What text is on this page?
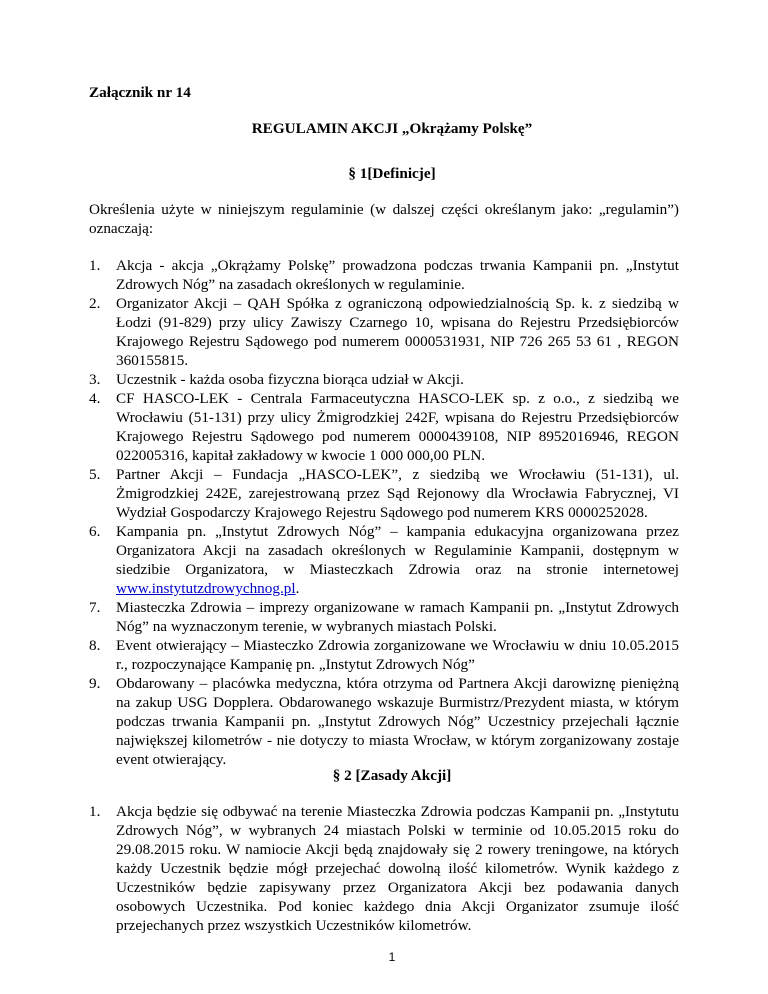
Załącznik nr 14
REGULAMIN AKCJI „Okrążamy Polskę”
§ 1[Definicje]
Określenia użyte w niniejszym regulaminie (w dalszej części określanym jako: „regulamin”) oznaczają:
1.	Akcja - akcja „Okrążamy Polskę” prowadzona podczas trwania Kampanii pn. „Instytut Zdrowych Nóg” na zasadach określonych w regulaminie.
2.	Organizator Akcji – QAH Spółka z ograniczoną odpowiedzialnością Sp. k. z siedzibą w Łodzi (91-829) przy ulicy Zawiszy Czarnego 10, wpisana do Rejestru Przedsiębiorców Krajowego Rejestru Sądowego pod numerem 0000531931, NIP 726 265 53 61 , REGON 360155815.
3.	Uczestnik - każda osoba fizyczna biorąca udział w Akcji.
4.	CF HASCO-LEK - Centrala Farmaceutyczna HASCO-LEK sp. z o.o., z siedzibą we Wrocławiu (51-131) przy ulicy Żmigrodzkiej 242F, wpisana do Rejestru Przedsiębiorców Krajowego Rejestru Sądowego pod numerem 0000439108, NIP 8952016946, REGON 022005316, kapitał zakładowy w kwocie 1 000 000,00 PLN.
5.	Partner Akcji – Fundacja „HASCO-LEK”, z siedzibą we Wrocławiu (51-131), ul. Żmigrodzkiej 242E, zarejestrowaną przez Sąd Rejonowy dla Wrocławia Fabrycznej, VI Wydział Gospodarczy Krajowego Rejestru Sądowego pod numerem KRS 0000252028.
6.	Kampania pn. „Instytut Zdrowych Nóg” – kampania edukacyjna organizowana przez Organizatora Akcji na zasadach określonych w Regulaminie Kampanii, dostępnym w siedzibie Organizatora, w Miasteczkach Zdrowia oraz na stronie internetowej www.instytutzdrowychnog.pl.
7.	Miasteczka Zdrowia – imprezy organizowane w ramach Kampanii pn. „Instytut Zdrowych Nóg” na wyznaczonym terenie, w wybranych miastach Polski.
8.	Event otwierający – Miasteczko Zdrowia zorganizowane we Wrocławiu w dniu 10.05.2015 r., rozpoczynające Kampanię pn. „Instytut Zdrowych Nóg”
9.	Obdarowany – placówka medyczna, która otrzyma od Partnera Akcji darowiznę pieniężną na zakup USG Dopplera. Obdarowanego wskazuje Burmistrz/Prezydent miasta, w którym podczas trwania Kampanii pn. „Instytut Zdrowych Nóg” Uczestnicy przejechali łącznie największej kilometrów - nie dotyczy to miasta Wrocław, w którym zorganizowany zostaje event otwierający.
§ 2 [Zasady Akcji]
1.	Akcja będzie się odbywać na terenie Miasteczka Zdrowia podczas Kampanii pn. „Instytutu Zdrowych Nóg”, w wybranych 24 miastach Polski w terminie od 10.05.2015 roku do 29.08.2015 roku. W namiocie Akcji będą znajdowały się 2 rowery treningowe, na których każdy Uczestnik będzie mógł przejechać dowolną ilość kilometrów. Wynik każdego z Uczestników będzie zapisywany przez Organizatora Akcji bez podawania danych osobowych Uczestnika. Pod koniec każdego dnia Akcji Organizator zsumuje ilość przejechanych przez wszystkich Uczestników kilometrów.
1
